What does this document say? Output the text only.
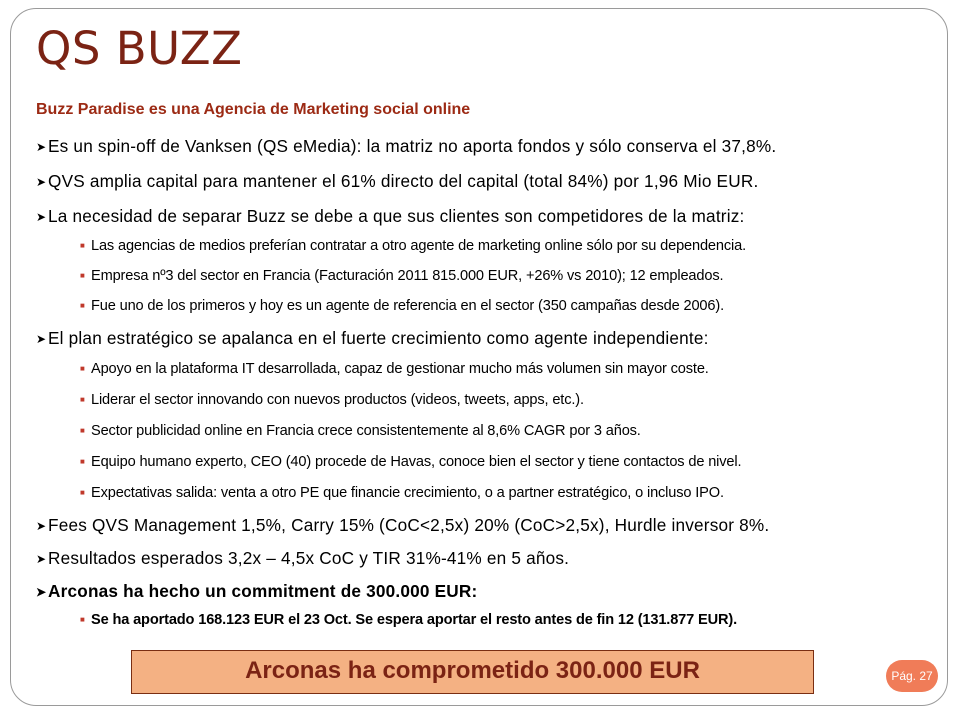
QS BUZZ
Buzz Paradise es una Agencia de Marketing social online
➤ Es un spin-off de Vanksen (QS eMedia): la matriz no aporta fondos y sólo conserva el 37,8%.
➤ QVS amplia capital para mantener el 61% directo del capital (total 84%) por 1,96 Mio EUR.
➤ La necesidad de separar Buzz se debe a que sus clientes son competidores de la matriz:
■ Las agencias de medios preferían contratar a otro agente de marketing online sólo por su dependencia.
■ Empresa nº3 del sector en Francia (Facturación 2011 815.000 EUR, +26% vs 2010); 12 empleados.
■ Fue uno de los primeros y hoy es un agente de referencia en el sector (350 campañas desde 2006).
➤ El plan estratégico se apalanca en el fuerte crecimiento como agente independiente:
■ Apoyo en la plataforma IT desarrollada, capaz de gestionar mucho más volumen sin mayor coste.
■ Liderar el sector innovando con nuevos productos (videos, tweets, apps, etc.).
■ Sector publicidad online en Francia crece consistentemente al 8,6% CAGR por 3 años.
■ Equipo humano experto, CEO (40) procede de Havas, conoce bien el sector y tiene contactos de nivel.
■ Expectativas salida: venta a otro PE que financie crecimiento, o a partner estratégico, o incluso IPO.
➤ Fees QVS Management 1,5%, Carry 15% (CoC<2,5x) 20% (CoC>2,5x), Hurdle inversor 8%.
➤ Resultados esperados 3,2x – 4,5x CoC y TIR 31%-41% en 5 años.
➤ Arconas ha hecho un commitment de 300.000 EUR:
■ Se ha aportado 168.123 EUR el 23 Oct. Se espera aportar el resto antes de fin 12 (131.877 EUR).
Arconas ha comprometido 300.000 EUR	Pág. 27
